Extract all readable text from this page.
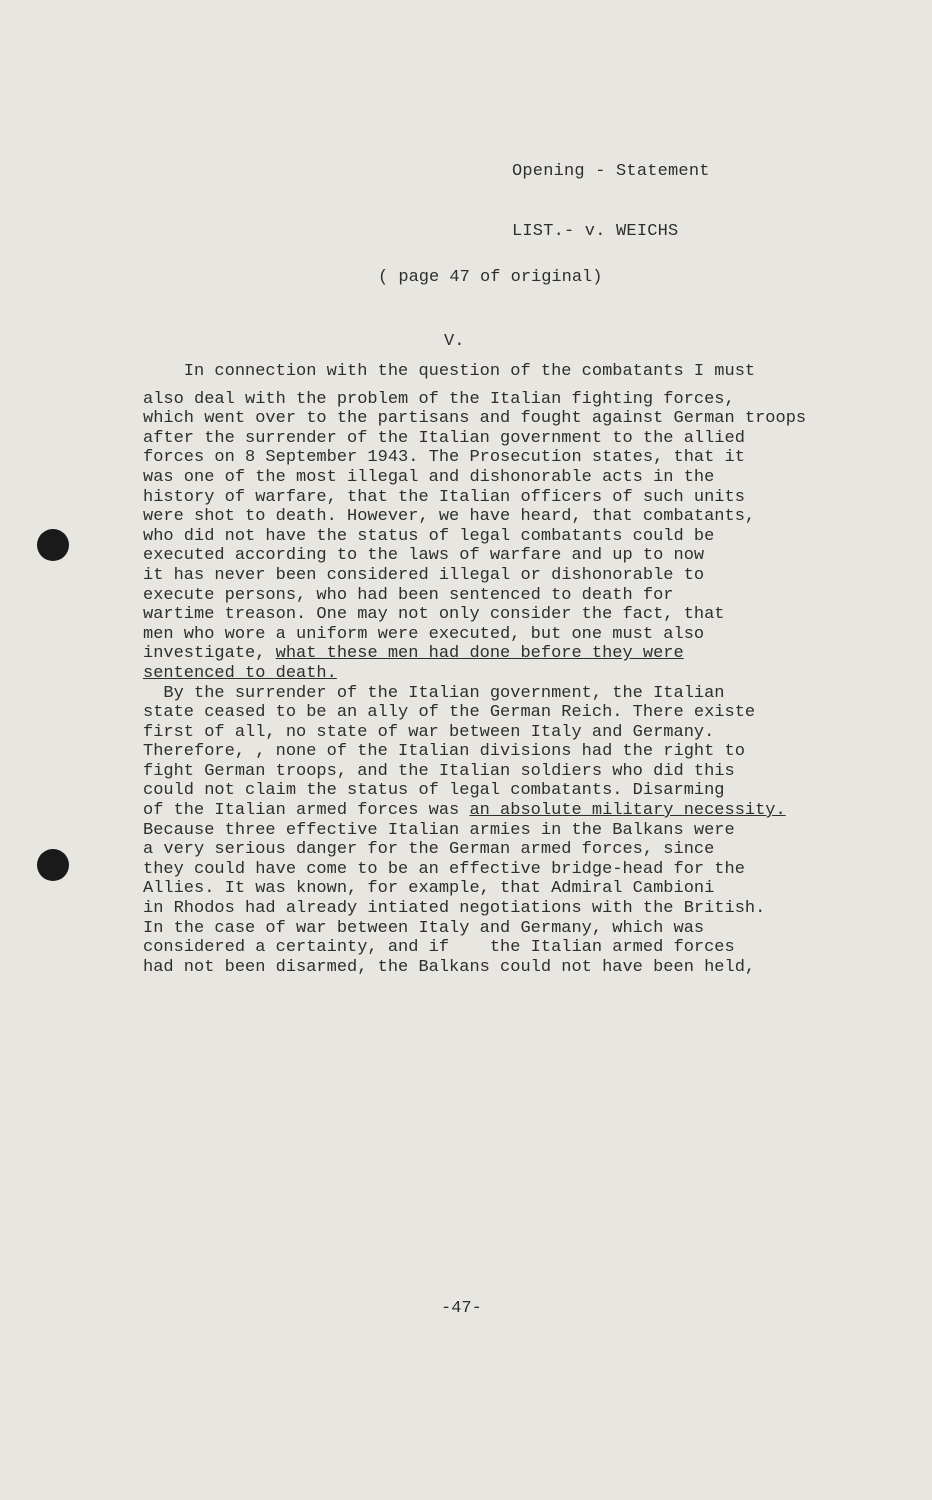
Opening - Statement

LIST.- v. WEICHS

( page 47 of original)
V.
In connection with the question of the combatants I must
also deal with the problem of the Italian fighting forces,
which went over to the partisans and fought against German troops
after the surrender of the Italian government to the allied
forces on 8 September 1943. The Prosecution states, that it
was one of the most illegal and dishonorable acts in the
history of warfare, that the Italian officers of such units
were shot to death. However, we have heard, that combatants,
who did not have the status of legal combatants could be
executed according to the laws of warfare and up to now
it has never been considered illegal or dishonorable to
execute persons, who had been sentenced to death for
wartime treason. One may not only consider the fact, that
men who wore a uniform were executed, but one must also
investigate, what these men had done before they were
sentenced to death.
By the surrender of the Italian government, the Italian
state ceased to be an ally of the German Reich. There existe
first of all, no state of war between Italy and Germany.
Therefore, , none of the Italian divisions had the right to
fight German troops, and the Italian soldiers who did this
could not claim the status of legal combatants. Disarming
of the Italian armed forces was an absolute military necessity.
Because three effective Italian armies in the Balkans were
a very serious danger for the German armed forces, since
they could have come to be an effective bridge-head for the
Allies. It was known, for example, that Admiral Cambioni
in Rhodos had already intiated negotiations with the British.
In the case of war between Italy and Germany, which was
considered a certainty, and if    the Italian armed forces
had not been disarmed, the Balkans could not have been held,
-47-
